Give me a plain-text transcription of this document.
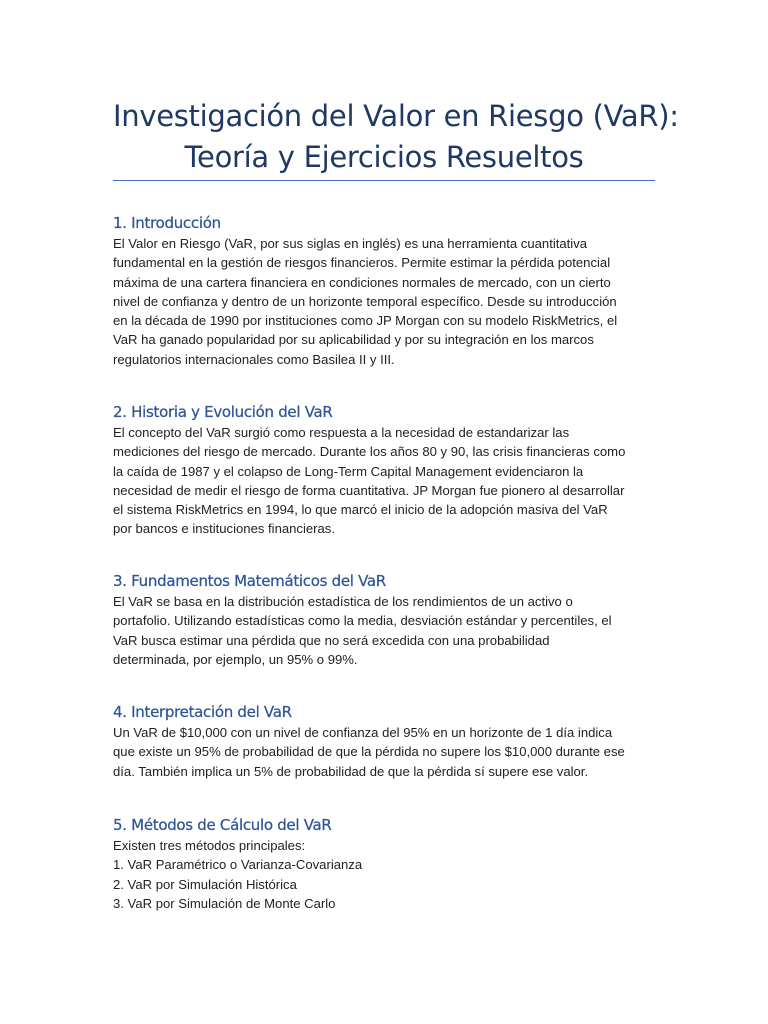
Investigación del Valor en Riesgo (VaR):
Teoría y Ejercicios Resueltos
1. Introducción

El Valor en Riesgo (VaR, por sus siglas en inglés) es una herramienta cuantitativa
fundamental en la gestión de riesgos financieros. Permite estimar la pérdida potencial
máxima de una cartera financiera en condiciones normales de mercado, con un cierto
nivel de confianza y dentro de un horizonte temporal específico. Desde su introducción
en la década de 1990 por instituciones como JP Morgan con su modelo RiskMetrics, el
VaR ha ganado popularidad por su aplicabilidad y por su integración en los marcos
regulatorios internacionales como Basilea II y III.

2. Historia y Evolución del VaR

El concepto del VaR surgió como respuesta a la necesidad de estandarizar las
mediciones del riesgo de mercado. Durante los años 80 y 90, las crisis financieras como
la caída de 1987 y el colapso de Long-Term Capital Management evidenciaron la
necesidad de medir el riesgo de forma cuantitativa. JP Morgan fue pionero al desarrollar
el sistema RiskMetrics en 1994, lo que marcó el inicio de la adopción masiva del VaR
por bancos e instituciones financieras.

3. Fundamentos Matemáticos del VaR

El VaR se basa en la distribución estadística de los rendimientos de un activo o
portafolio. Utilizando estadísticas como la media, desviación estándar y percentiles, el
VaR busca estimar una pérdida que no será excedida con una probabilidad
determinada, por ejemplo, un 95% o 99%.

4. Interpretación del VaR

Un VaR de $10,000 con un nivel de confianza del 95% en un horizonte de 1 día indica
que existe un 95% de probabilidad de que la pérdida no supere los $10,000 durante ese
día. También implica un 5% de probabilidad de que la pérdida sí supere ese valor.

5. Métodos de Cálculo del VaR

Existen tres métodos principales:
1. VaR Paramétrico o Varianza-Covarianza
2. VaR por Simulación Histórica
3. VaR por Simulación de Monte Carlo
